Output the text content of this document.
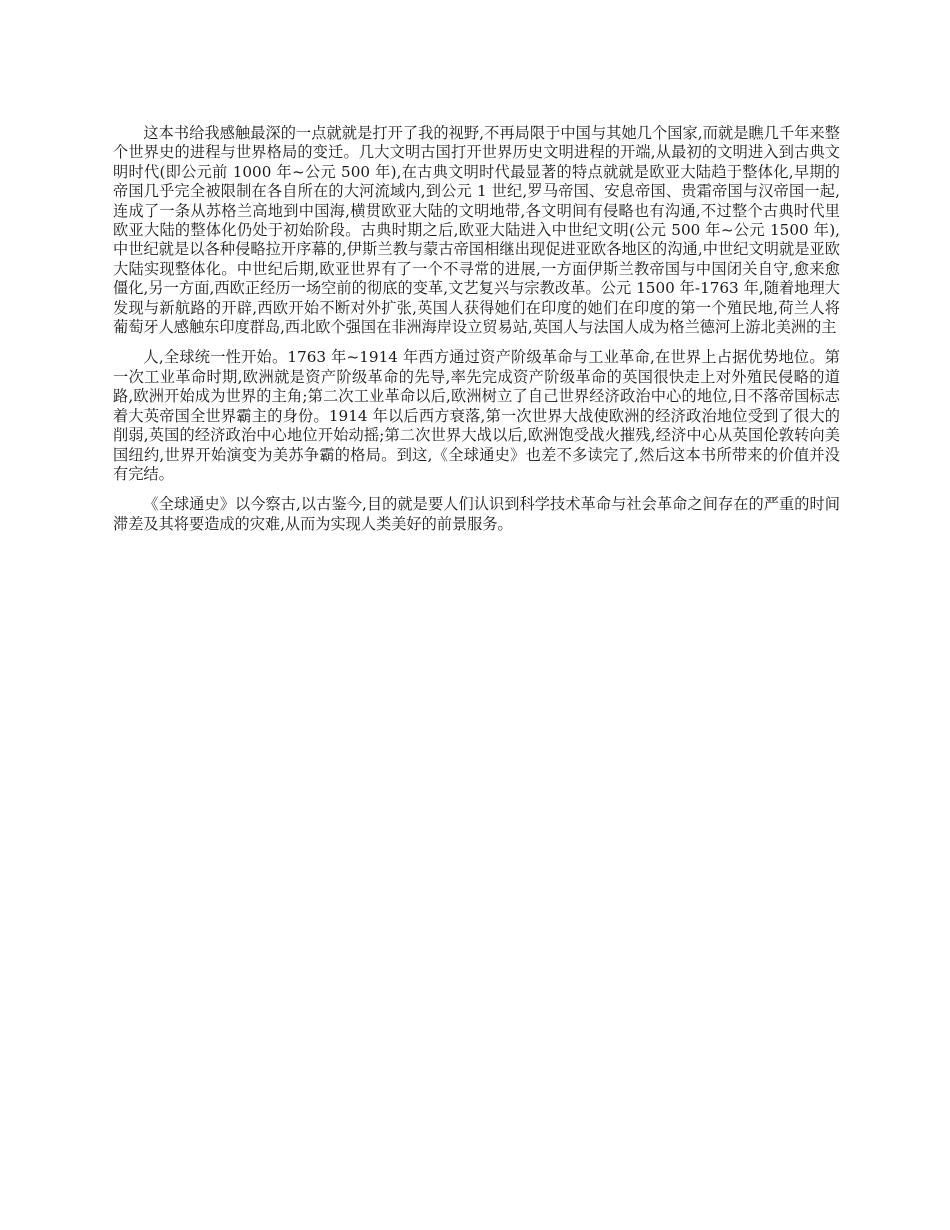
这本书给我感触最深的一点就就是打开了我的视野,不再局限于中国与其她几个国家,而就是瞧几千年来整个世界史的进程与世界格局的变迁。几大文明古国打开世界历史文明进程的开端,从最初的文明进入到古典文明时代(即公元前 1000 年~公元 500 年),在古典文明时代最显著的特点就就是欧亚大陆趋于整体化,早期的帝国几乎完全被限制在各自所在的大河流域内,到公元 1 世纪,罗马帝国、安息帝国、贵霜帝国与汉帝国一起,连成了一条从苏格兰高地到中国海,横贯欧亚大陆的文明地带,各文明间有侵略也有沟通,不过整个古典时代里欧亚大陆的整体化仍处于初始阶段。古典时期之后,欧亚大陆进入中世纪文明(公元 500 年~公元 1500 年),中世纪就是以各种侵略拉开序幕的,伊斯兰教与蒙古帝国相继出现促进亚欧各地区的沟通,中世纪文明就是亚欧大陆实现整体化。中世纪后期,欧亚世界有了一个不寻常的进展,一方面伊斯兰教帝国与中国闭关自守,愈来愈僵化,另一方面,西欧正经历一场空前的彻底的变革,文艺复兴与宗教改革。公元 1500 年-1763 年,随着地理大发现与新航路的开辟,西欧开始不断对外扩张,英国人获得她们在印度的她们在印度的第一个殖民地,荷兰人将葡萄牙人感触东印度群岛,西北欧个强国在非洲海岸设立贸易站,英国人与法国人成为格兰德河上游北美洲的主

人,全球统一性开始。1763 年~1914 年西方通过资产阶级革命与工业革命,在世界上占据优势地位。第一次工业革命时期,欧洲就是资产阶级革命的先导,率先完成资产阶级革命的英国很快走上对外殖民侵略的道路,欧洲开始成为世界的主角;第二次工业革命以后,欧洲树立了自己世界经济政治中心的地位,日不落帝国标志着大英帝国全世界霸主的身份。1914 年以后西方衰落,第一次世界大战使欧洲的经济政治地位受到了很大的削弱,英国的经济政治中心地位开始动摇;第二次世界大战以后,欧洲饱受战火摧残,经济中心从英国伦敦转向美国纽约,世界开始演变为美苏争霸的格局。到这,《全球通史》也差不多读完了,然后这本书所带来的价值并没有完结。

《全球通史》以今察古,以古鉴今,目的就是要人们认识到科学技术革命与社会革命之间存在的严重的时间滞差及其将要造成的灾难,从而为实现人类美好的前景服务。
